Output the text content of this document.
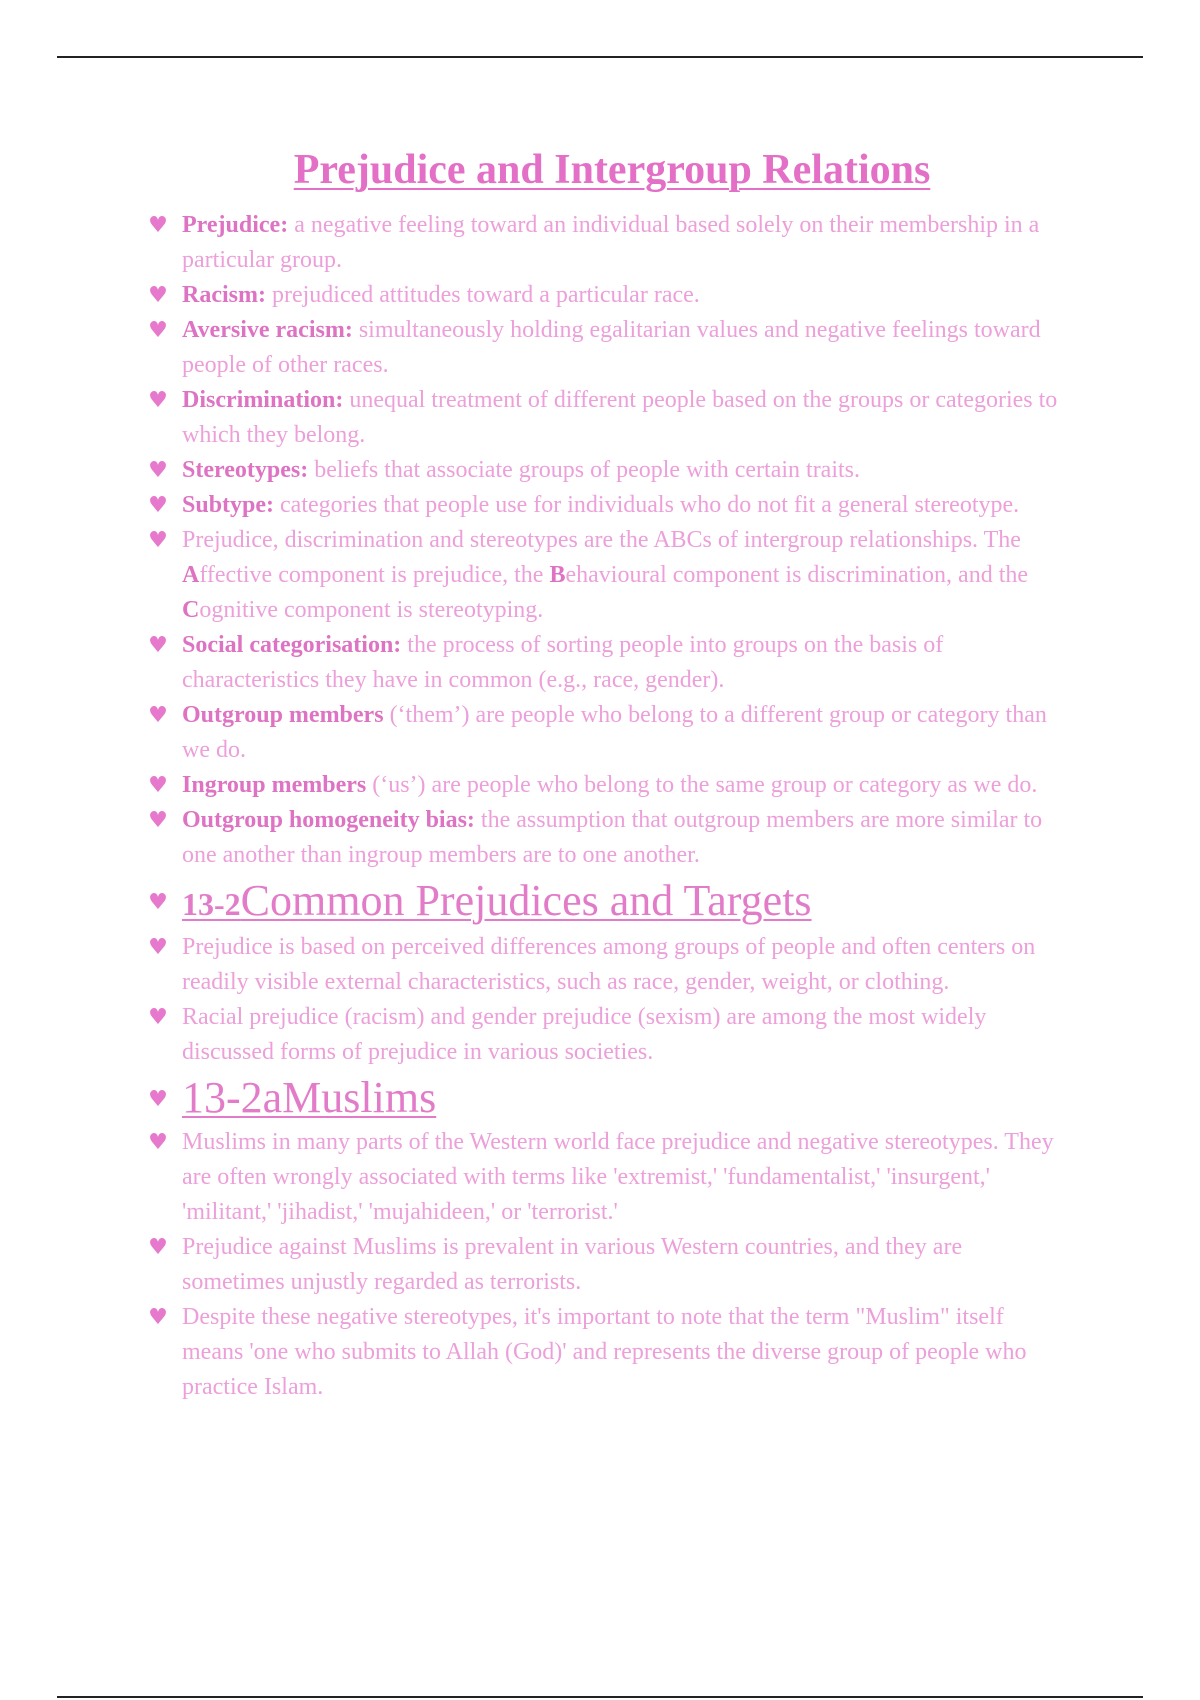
Prejudice and Intergroup Relations
♥ Prejudice: a negative feeling toward an individual based solely on their membership in a particular group.
♥ Racism: prejudiced attitudes toward a particular race.
♥ Aversive racism: simultaneously holding egalitarian values and negative feelings toward people of other races.
♥ Discrimination: unequal treatment of different people based on the groups or categories to which they belong.
♥ Stereotypes: beliefs that associate groups of people with certain traits.
♥ Subtype: categories that people use for individuals who do not fit a general stereotype.
♥ Prejudice, discrimination and stereotypes are the ABCs of intergroup relationships. The Affective component is prejudice, the Behavioural component is discrimination, and the Cognitive component is stereotyping.
♥ Social categorisation: the process of sorting people into groups on the basis of characteristics they have in common (e.g., race, gender).
♥ Outgroup members (‘them’) are people who belong to a different group or category than we do.
♥ Ingroup members (‘us’) are people who belong to the same group or category as we do.
♥ Outgroup homogeneity bias: the assumption that outgroup members are more similar to one another than ingroup members are to one another.
♥ 13-2Common Prejudices and Targets
♥ Prejudice is based on perceived differences among groups of people and often centers on readily visible external characteristics, such as race, gender, weight, or clothing.
♥ Racial prejudice (racism) and gender prejudice (sexism) are among the most widely discussed forms of prejudice in various societies.
♥ 13-2aMuslims
♥ Muslims in many parts of the Western world face prejudice and negative stereotypes. They are often wrongly associated with terms like 'extremist,' 'fundamentalist,' 'insurgent,' 'militant,' 'jihadist,' 'mujahideen,' or 'terrorist.'
♥ Prejudice against Muslims is prevalent in various Western countries, and they are sometimes unjustly regarded as terrorists.
♥ Despite these negative stereotypes, it's important to note that the term "Muslim" itself means 'one who submits to Allah (God)' and represents the diverse group of people who practice Islam.
